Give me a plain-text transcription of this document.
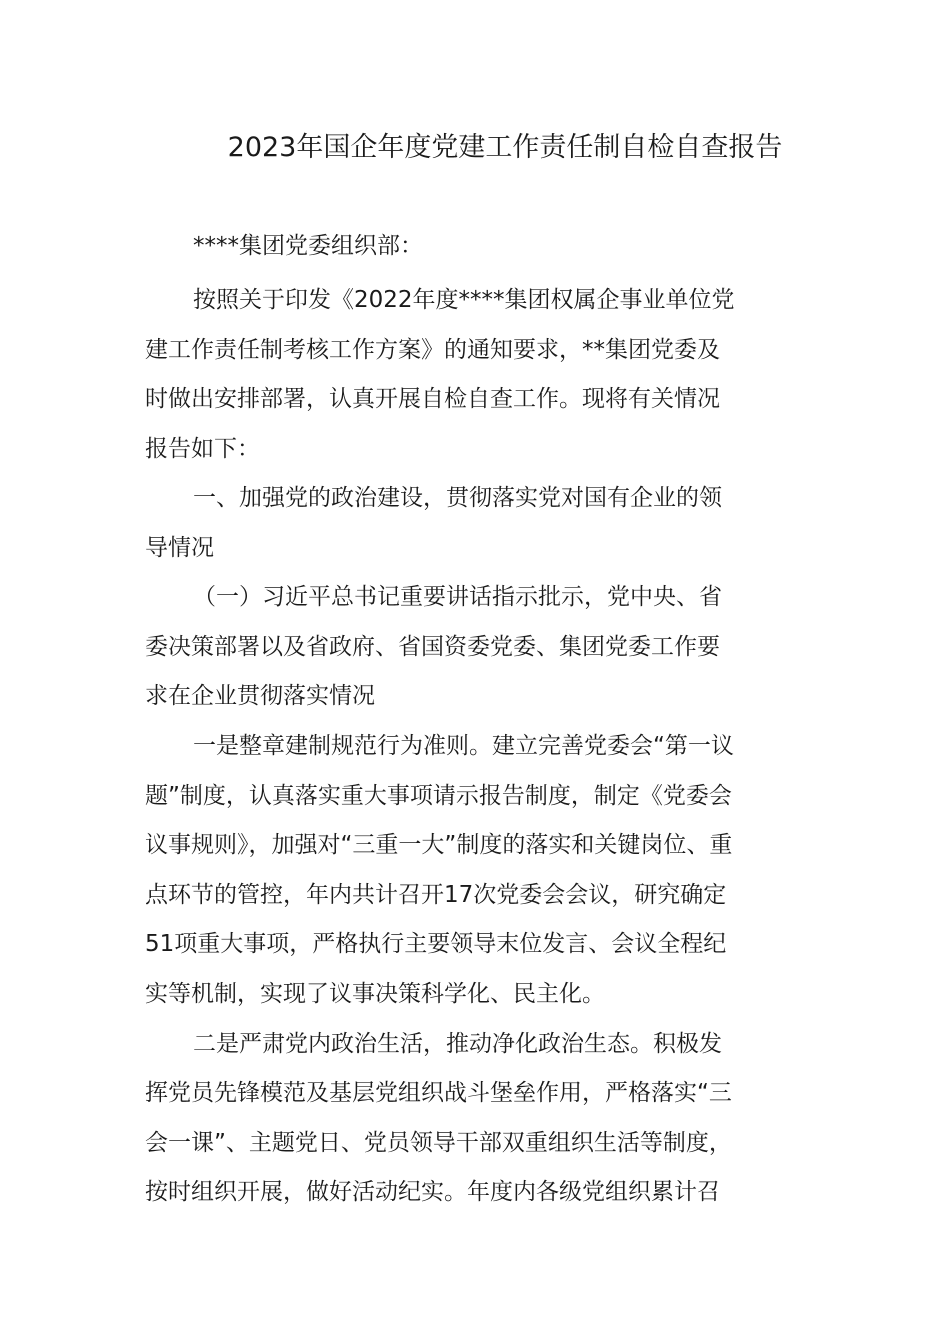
2023年国企年度党建工作责任制自检自查报告
****集团党委组织部：
按照关于印发《2022年度****集团权属企事业单位党
建工作责任制考核工作方案》的通知要求，**集团党委及
时做出安排部署，认真开展自检自查工作。现将有关情况
报告如下：
一、加强党的政治建设，贯彻落实党对国有企业的领
导情况
（一）习近平总书记重要讲话指示批示，党中央、省
委决策部署以及省政府、省国资委党委、集团党委工作要
求在企业贯彻落实情况
一是整章建制规范行为准则。建立完善党委会“第一议
题”制度，认真落实重大事项请示报告制度，制定《党委会
议事规则》，加强对“三重一大”制度的落实和关键岗位、重
点环节的管控，年内共计召开17次党委会会议，研究确定
51项重大事项，严格执行主要领导末位发言、会议全程纪
实等机制，实现了议事决策科学化、民主化。
二是严肃党内政治生活，推动净化政治生态。积极发
挥党员先锋模范及基层党组织战斗堡垒作用，严格落实“三
会一课”、主题党日、党员领导干部双重组织生活等制度，
按时组织开展，做好活动纪实。年度内各级党组织累计召
